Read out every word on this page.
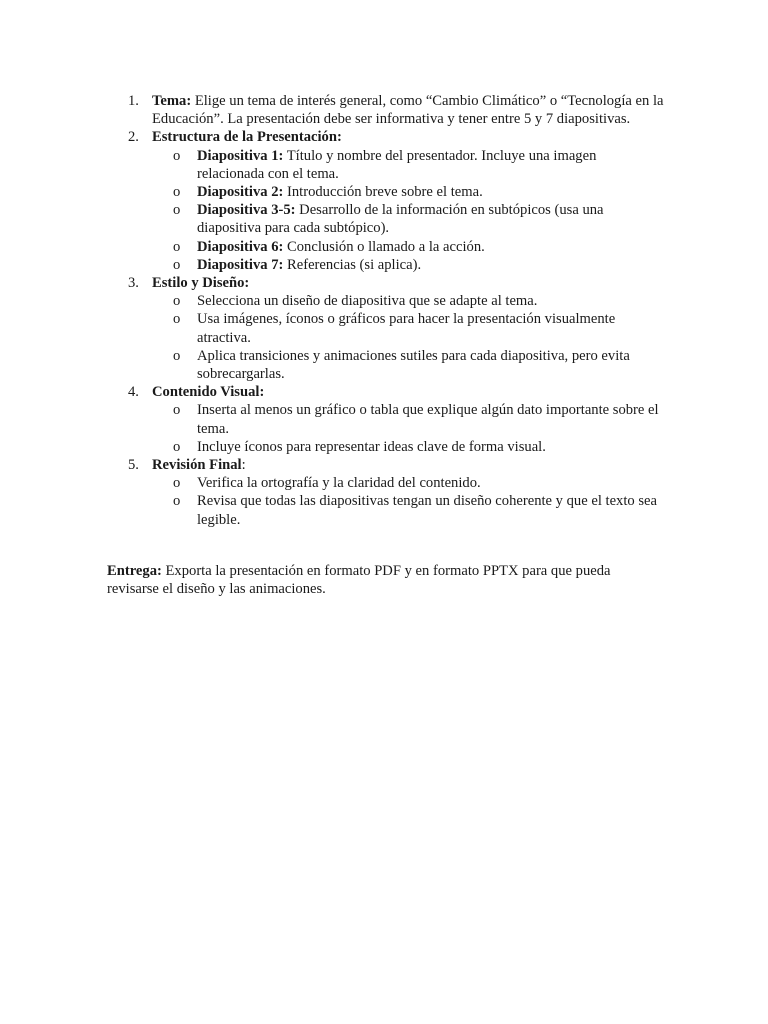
1. Tema: Elige un tema de interés general, como “Cambio Climático” o “Tecnología en la Educación”. La presentación debe ser informativa y tener entre 5 y 7 diapositivas.
2. Estructura de la Presentación:
o Diapositiva 1: Título y nombre del presentador. Incluye una imagen relacionada con el tema.
o Diapositiva 2: Introducción breve sobre el tema.
o Diapositiva 3-5: Desarrollo de la información en subtópicos (usa una diapositiva para cada subtópico).
o Diapositiva 6: Conclusión o llamado a la acción.
o Diapositiva 7: Referencias (si aplica).
3. Estilo y Diseño:
o Selecciona un diseño de diapositiva que se adapte al tema.
o Usa imágenes, íconos o gráficos para hacer la presentación visualmente atractiva.
o Aplica transiciones y animaciones sutiles para cada diapositiva, pero evita sobrecargarlas.
4. Contenido Visual:
o Inserta al menos un gráfico o tabla que explique algún dato importante sobre el tema.
o Incluye íconos para representar ideas clave de forma visual.
5. Revisión Final:
o Verifica la ortografía y la claridad del contenido.
o Revisa que todas las diapositivas tengan un diseño coherente y que el texto sea legible.

Entrega: Exporta la presentación en formato PDF y en formato PPTX para que pueda revisarse el diseño y las animaciones.
